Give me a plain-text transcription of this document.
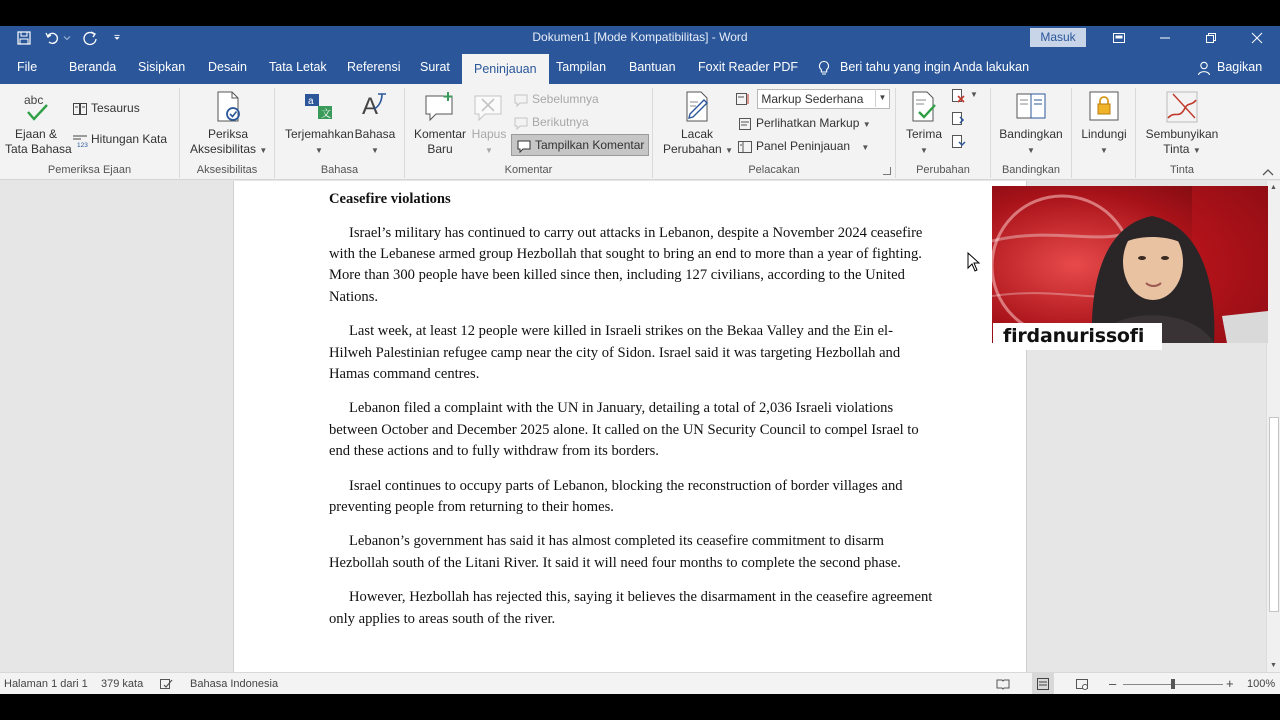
Dokumen1 [Mode Kompatibilitas] - Word	Masuk
File	Beranda Sisipkan Desain Tata Letak Referensi Surat	Peninjauan	Tampilan Bantuan Foxit Reader PDF	Beri tahu yang ingin Anda lakukan	Bagikan
abc
Ejaan &
Tata Bahasa
Tesaurus
123 Hitungan Kata
Pemeriksa Ejaan
Periksa
Aksesibilitas ▼
Aksesibilitas
a
文
Terjemahkan
▼
A
Bahasa
▼
Bahasa
Komentar
Baru
Hapus
▼
Sebelumnya
Berikutnya
Tampilkan Komentar
Komentar
Lacak
Perubahan ▼
Markup Sederhana	▼
Perlihatkan Markup ▼
Panel Peninjauan ▼
Pelacakan
Terima
▼
▼
Perubahan
Bandingkan
▼
Bandingkan
Lindungi
▼
Sembunyikan
Tinta ▼
Tinta
Ceasefire violations

Israel’s military has continued to carry out attacks in Lebanon, despite a November 2024 ceasefire with the Lebanese armed group Hezbollah that sought to bring an end to more than a year of fighting. More than 300 people have been killed since then, including 127 civilians, according to the United Nations.

Last week, at least 12 people were killed in Israeli strikes on the Bekaa Valley and the Ein el-Hilweh Palestinian refugee camp near the city of Sidon. Israel said it was targeting Hezbollah and Hamas command centres.

Lebanon filed a complaint with the UN in January, detailing a total of 2,036 Israeli violations between October and December 2025 alone. It called on the UN Security Council to compel Israel to end these actions and to fully withdraw from its borders.

Israel continues to occupy parts of Lebanon, blocking the reconstruction of border villages and preventing people from returning to their homes.

Lebanon’s government has said it has almost completed its ceasefire commitment to disarm Hezbollah south of the Litani River. It said it will need four months to complete the second phase.

However, Hezbollah has rejected this, saying it believes the disarmament in the ceasefire agreement only applies to areas south of the river.

▲
▼
Halaman 1 dari 1 379 kata	Bahasa Indonesia	–	+ 100%
firdanurissofi
